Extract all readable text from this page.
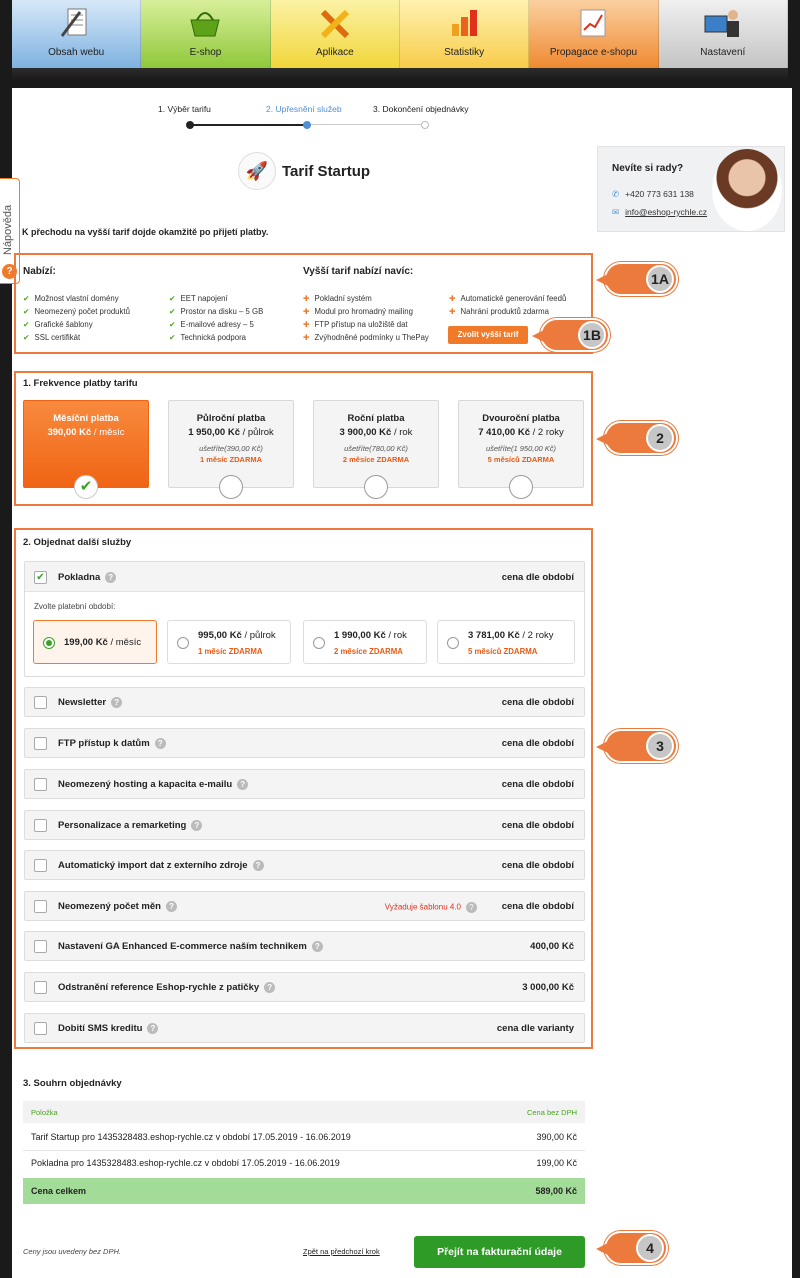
Obsah webu	E-shop	Aplikace	Statistiky	Propagace e-shopu	Nastavení
Nápověda
?
1. Výběr tarifu	2. Upřesnění služeb	3. Dokončení objednávky
🚀 Tarif Startup
K přechodu na vyšší tarif dojde okamžitě po přijetí platby.
Nevíte si rady?
✆ +420 773 631 138
✉ info@eshop-rychle.cz
Nabízí:	Vyšší tarif nabízí navíc:
✔ Možnost vlastní domény
✔ Neomezený počet produktů
✔ Grafické šablony
✔ SSL certifikát
✔ EET napojení
✔ Prostor na disku – 5 GB
✔ E-mailové adresy – 5
✔ Technická podpora
✚ Pokladní systém
✚ Modul pro hromadný mailing
✚ FTP přístup na uložiště dat
✚ Zvýhodněné podmínky u ThePay
✚ Automatické generování feedů
✚ Nahrání produktů zdarma
Zvolit vyšší tarif
1A
1B
2
3
4
1. Frekvence platby tarifu
Měsíční platba
390,00 Kč / měsíc
✔
Půlroční platba
1 950,00 Kč / půlrok
ušetříte(390,00 Kč)
1 měsíc ZDARMA
Roční platba
3 900,00 Kč / rok
ušetříte(780,00 Kč)
2 měsíce ZDARMA
Dvouroční platba
7 410,00 Kč / 2 roky
ušetříte(1 950,00 Kč)
5 měsíců ZDARMA
2. Objednat další služby
✔ Pokladna ?	cena dle období
Zvolte platební období:
199,00 Kč / měsíc
995,00 Kč / půlrok
1 měsíc ZDARMA
1 990,00 Kč / rok
2 měsíce ZDARMA
3 781,00 Kč / 2 roky
5 měsíců ZDARMA
Newsletter ?	cena dle období
FTP přístup k datům ?	cena dle období
Neomezený hosting a kapacita e-mailu ?	cena dle období
Personalizace a remarketing ?	cena dle období
Automatický import dat z externího zdroje ?	cena dle období
Neomezený počet měn ?	Vyžaduje šablonu 4.0 ?	cena dle období
Nastavení GA Enhanced E-commerce naším technikem ?	400,00 Kč
Odstranění reference Eshop-rychle z patičky ?	3 000,00 Kč
Dobití SMS kreditu ?	cena dle varianty
3. Souhrn objednávky
Položka	Cena bez DPH
Tarif Startup pro 1435328483.eshop-rychle.cz v období 17.05.2019 - 16.06.2019	390,00 Kč
Pokladna pro 1435328483.eshop-rychle.cz v období 17.05.2019 - 16.06.2019	199,00 Kč
Cena celkem	589,00 Kč
Ceny jsou uvedeny bez DPH.	Zpět na předchozí krok	Přejít na fakturační údaje
